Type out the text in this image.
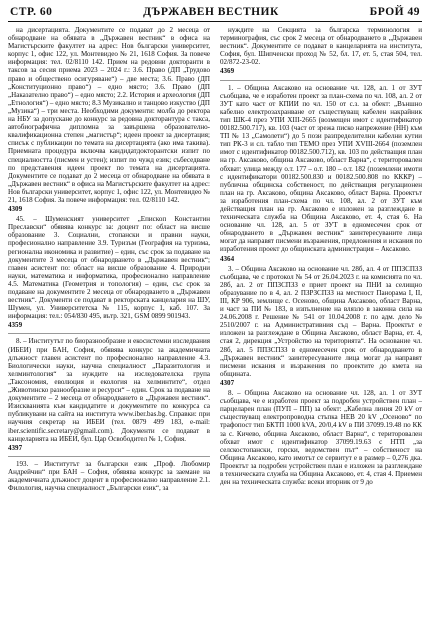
СТР. 60	ДЪРЖАВЕН ВЕСТНИК	БРОЙ 49

на дисертацията. Документите се подават до 2 месеца от обнародване на обявата в „Държавен вестник“ в офиса на Магистърските факултет на адрес: Нов български университет, корпус 1, офис 122, ул. Монтевидео № 21, 1618 София. За повече информация: тел. 02/8110 142. Прием на редовни докторанти в таксов за сесия приема 2023 – 2024 г.: 3.6. Право (ДП „Трудово право и обществено осигуряване“) – две места; 3.6. Право (ДП „Конституционно право“) – едно място; 3.6. Право (ДП „Наказателно право“) – едно място; 2.2. История и археология (ДП „Етнология“) – едно място; 8.3 Музикално и танцово изкуство (ДП „Музика“) – три места. Необходими документи: молба до ректора на НБУ за допускане до конкурс за редовна докторантура с такса, автобиографична дипломна за завършена образователно-квалификационна степен „магистър“; идеен проект за дисертация; списък с публикации по темата на дисертацията (ако има такива). Приемната процедура включва кандидатдокторантски изпит по специалността (писмен и устен); изпит по чужд език; събеседване по представения идеен проект по темата на дисертацията. Документите се подават до 2 месеца от обнародване на обявата в „Държавен вестник“ в офиса на Магистърските факултет на адрес: Нов български университет, корпус 1, офис 122, ул. Монтевидео № 21, 1618 София. За повече информация: тел. 02/8110 142.

4309

45. – Шуменският университет „Епископ Константин Преславски“ обявява конкурс за: доцент по: област на висше образование 3. Социални, стопански и правни науки, професионално направление 3.9. Туризъм (География на туризма, регионална икономика и развитие) – един, със срок за подаване на документите 3 месеца от обнародването в „Държавен вестник“; главен асистент по: област на висше образование 4. Природни науки, математика и информатика, професионално направление 4.5. Математика (Геометрия и топология) – един, със срок за подаване на документите 2 месеца от обнародването в „Държавен вестник“. Документи се подават в ректорската канцелария на ШУ, Шумен, ул. Университетска № 115, корпус 1, каб. 107. За информация: тел.: 054/830 495, вътр. 321, GSM 0899 901943.

4359

8. – Институтът по биоразнообразие и екосистемни изследвания (ИБЕИ) при БАН, София, обявява конкурс за академичната длъжност главен асистент по професионално направление 4.3. Биологически науки, научна специалност „Паразитология и хелминтология“ за нуждите на изследователска група „Таксономия, еволюция и екология на хелминтите“, отдел „Животинско разнообразие и ресурси“ – един. Срок за подаване на документите – 2 месеца от обнародването в „Държавен вестник“. Изискванията към кандидатите и документите по конкурса са публикувани на сайта на института www.iber.bas.bg. Справки: при научния секретар на ИБЕИ (тел. 0879 499 183, e-mail: iber.scientific.secretary@gmail.com). Документи се подават в канцеларията на ИБЕИ, бул. Цар Освободител № 1, София.

4397

193. – Институтът за български език „Проф. Любомир Андрейчин“ при БАН – София, обявява конкурс за заемане на академичната длъжност доцент в професионално направление 2.1. Филология, научна специалност „Български език“, за

нуждите на Секцията за българска терминология и терминография, със срок 2 месеца от обнародването в „Държавен вестник“. Документите се подават в канцеларията на института, София, бул. Шипченски проход № 52, бл. 17, ет. 5, стая 504, тел. 02/872-23-02.

4369

1. – Община Аксаково на основание чл. 128, ал. 1 от ЗУТ съобщава, че е изработен проект за план-схема по чл. 108, ал. 2 от ЗУТ като част от КПИИ по чл. 150 от с.з. за обект: „Външно кабелно електрозахранване от съществуващ кабелен накрайник тип ШК-4 през УПИ ХIII-2665 (возмещен имот с идентификатор 00182.500.717), кв. 103 (част от зрежа писко напрежение (НН) към ТП № 13 „Самолети“) до 5 пози разпределителни кабелни кутии тип РК-3 и сл. табло тип ТЕМО през УПИ XVIII-2664 (поземлен имот с идентификатор 00182.500.712), кв. 103 по действащия план на гр. Аксаково, община Аксаково, област Варна“, с територовален обхват: улица между о.т. 177 – о.т. 180 – о.т. 182 (поземлени имоти с идентификатори 00182.500.830 и 00182.500.808 по КККР) – публична общинска собственост, по действащия регулационен план на гр. Аксаково, община Аксаково, област Варна. Проектът за изработения план-схема по чл. 108, ал. 2 от ЗУТ към действащия план на гр. Аксаково е изложен за разглеждане в техническата служба на Община Аксаково, ет. 4, стая 6. На основание чл. 128, ал. 5 от ЗУТ в едномесечен срок от обнародването в „Държавен вестник“ заинтересуваните лица могат да направят писмени възражения, предложения и искания по изработения проект до общинската администрация – Аксаково.

4364

3. – Община Аксаково на основание чл. 28б, ал. 4 от ППЗСПЗЗ съобщава, че с протокол № 54 от 26.04.2023 г. на комисията по чл. 28б, ал. 2 от ППЗСПЗЗ е приет проект на ПНИ за селищно образувание по в 4, ал. 2 ПЗРЗСПЗЗ на местност Панорама I, II, III, КР 906, землище с. Осеново, община Аксаково, област Варна, и част за ПИ № 183, в изпълнение на влязло в законна сила на 24.06.2008 г. Решение № 541 от 10.04.2008 г. по адм. дело № 2510/2007 г. на Административния съд – Варна. Проектът е изложен за разглеждане в Община Аксаково, област Варна, ет. 4, стая 2, дирекция „Устройство на територията“. На основание чл. 28б, ал. 5 ППЗСПЗЗ в едномесечен срок от обнародването в „Държавен вестник“ заинтересуваните лица могат да направят писмени искания и възражения по проектите до кмета на общината.

4307

8. – Община Аксаково на основание чл. 128, ал. 1 от ЗУТ съобщава, че е изработен проект за подробен устройствен план – парцеларен план (ПУП – ПП) за обект: „Кабелна линия 20 kV от съществуващ електропроводна стъпка НЕВ 20 kV „Осеново“ по трафопост тип БКТП 1000 kVA, 20/0,4 kV в ПИ 37099.19.48 по КК за с. Кичево, община Аксаково, област Варна“, с територовален обхват имот с идентификатор 37099.19.63 с НТП „за селскостопански, горски, ведомствен път“ – собственост на Община Аксаково, като имотът се сервитут е в размер – 0,276 дка. Проектът за подробен устройствен план е изложен за разглеждане в техническата служба на Община Аксаково, ет. 4, стая 4. Приемен ден на техническата служба: всеки вторник от 9 до
